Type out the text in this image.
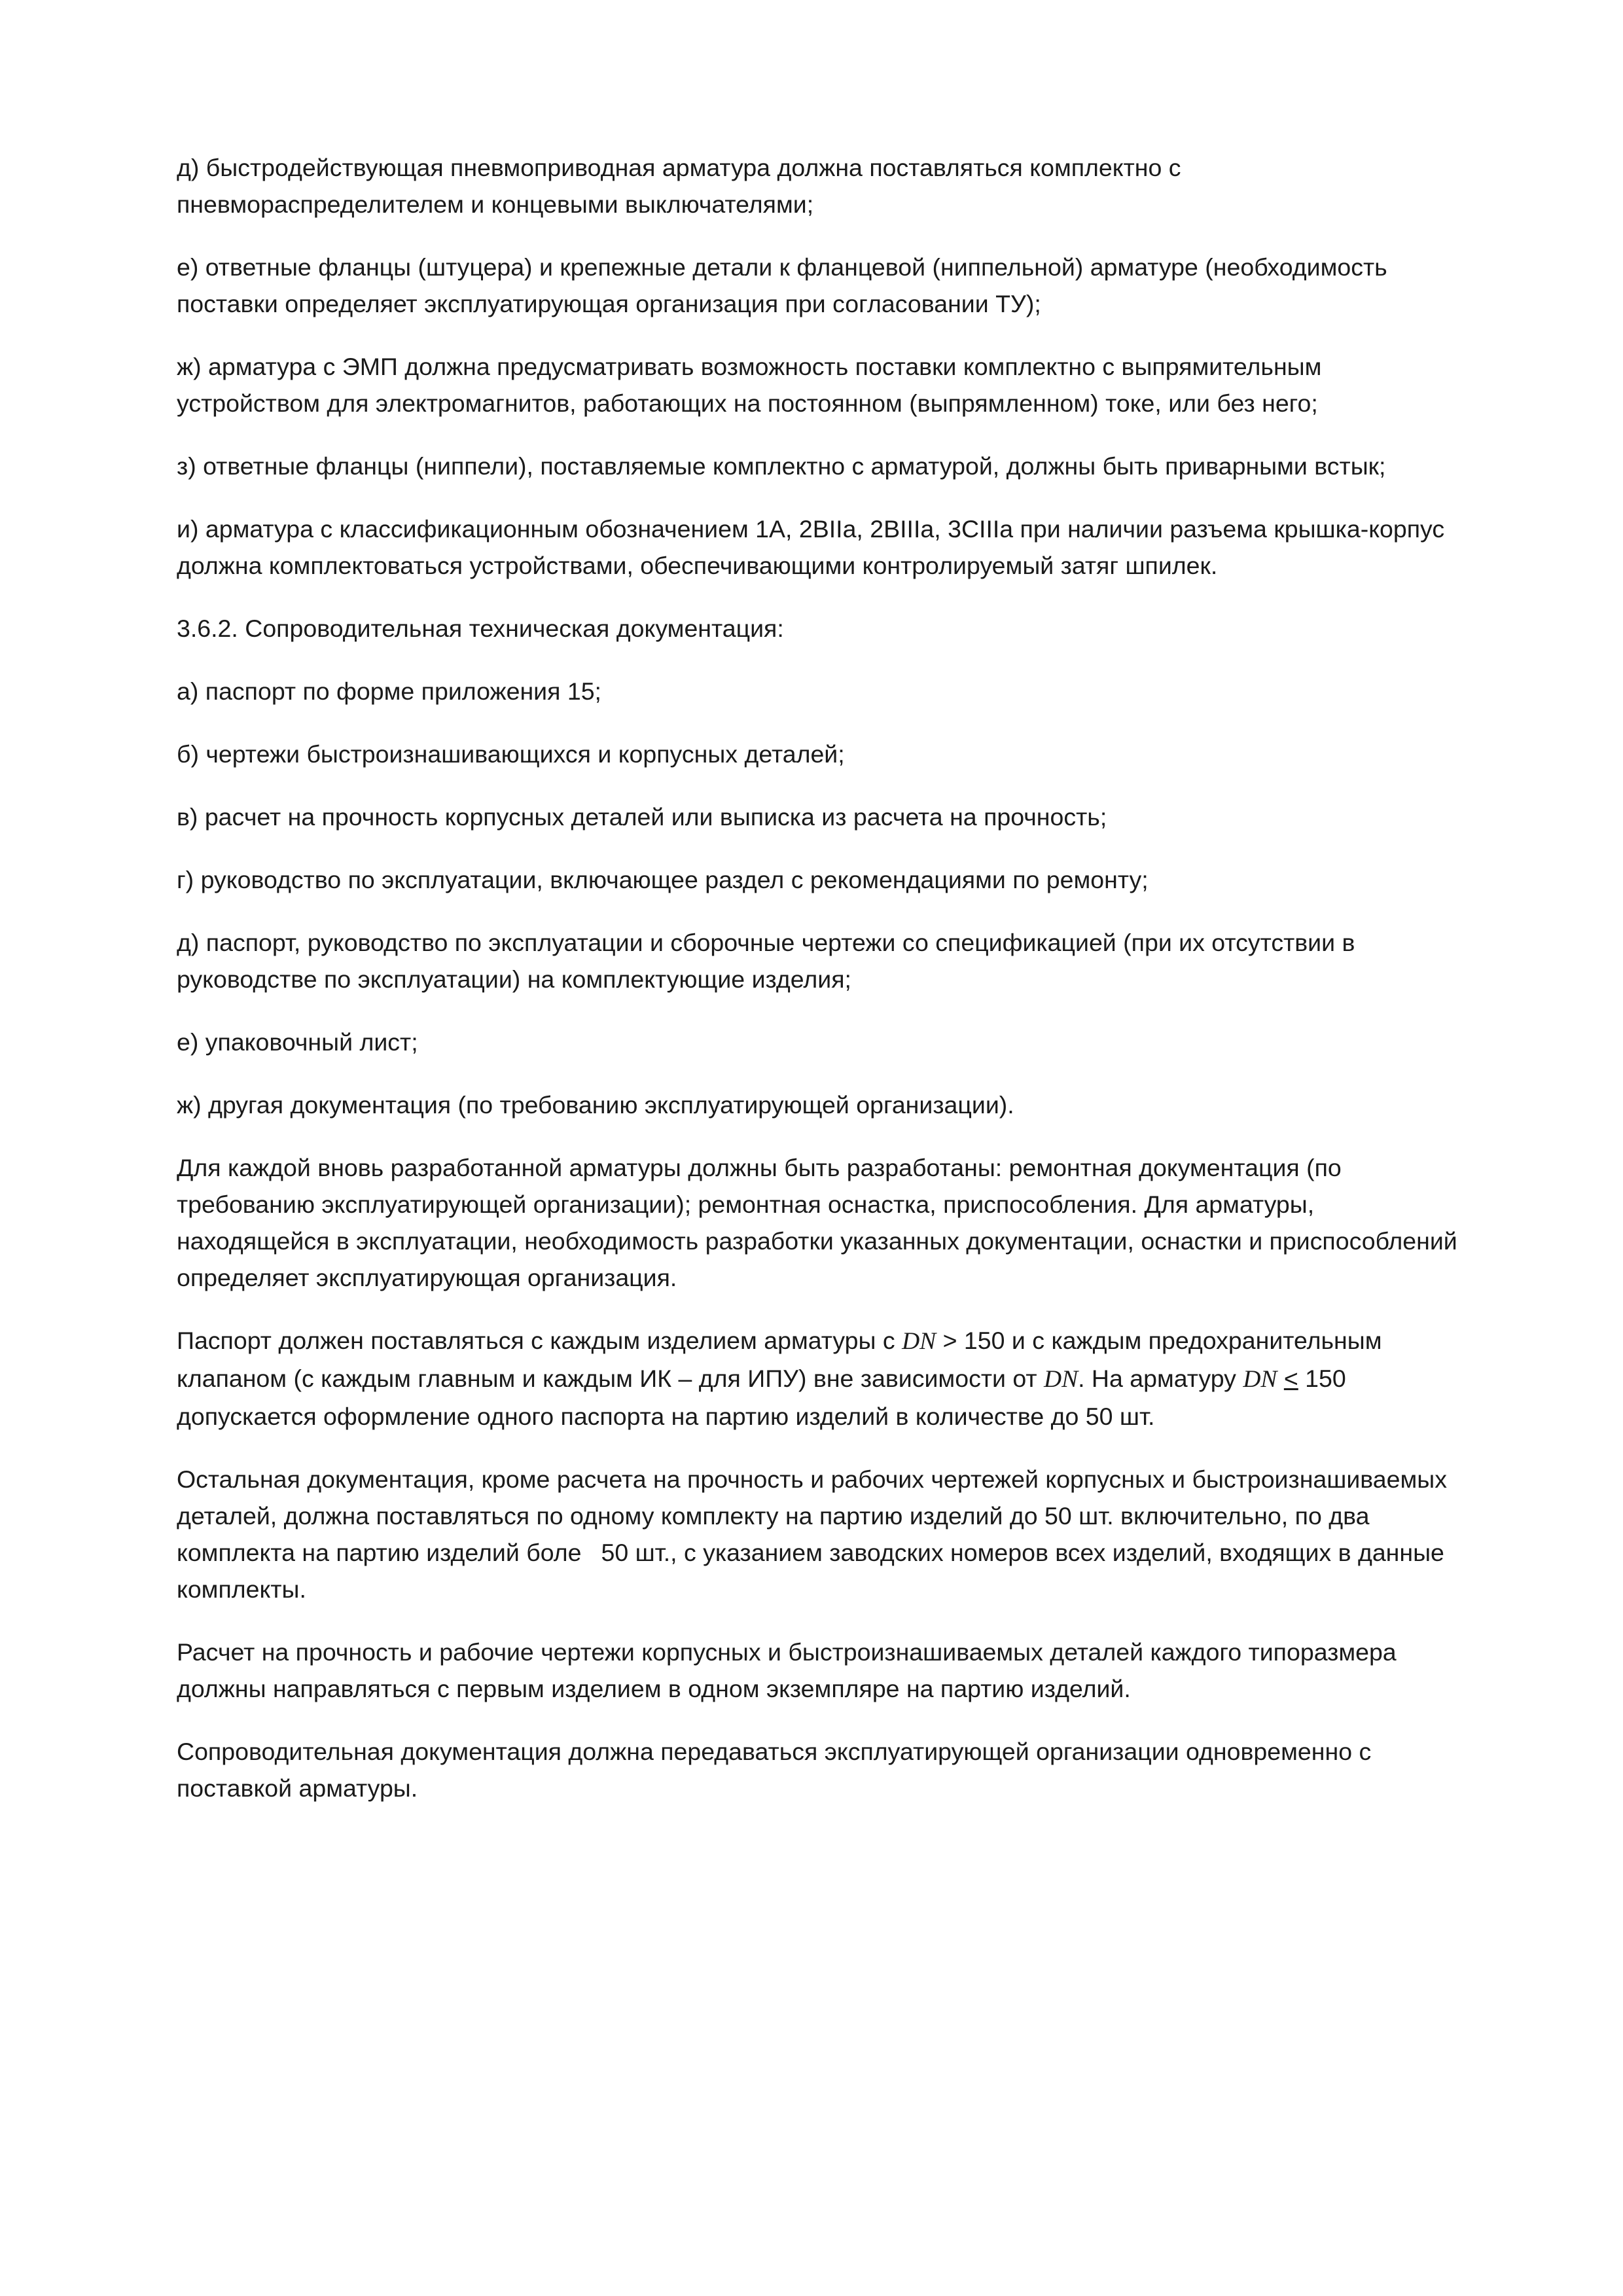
д) быстродействующая пневмоприводная арматура должна поставляться комплектно с пневмораспределителем и концевыми выключателями;

е) ответные фланцы (штуцера) и крепежные детали к фланцевой (ниппельной) арматуре (необходимость поставки определяет эксплуатирующая организация при согласовании ТУ);

ж) арматура с ЭМП должна предусматривать возможность поставки комплектно с выпрямительным устройством для электромагнитов, работающих на постоянном (выпрямленном) токе, или без него;

з) ответные фланцы (ниппели), поставляемые комплектно с арматурой, должны быть приварными встык;

и) арматура с классификационным обозначением 1А, 2ВIIа, 2ВIIIа, 3СIIIа при наличии разъема крышка-корпус должна комплектоваться устройствами, обеспечивающими контролируемый затяг шпилек.

3.6.2. Сопроводительная техническая документация:

а) паспорт по форме приложения 15;

б) чертежи быстроизнашивающихся и корпусных деталей;

в) расчет на прочность корпусных деталей или выписка из расчета на прочность;

г) руководство по эксплуатации, включающее раздел с рекомендациями по ремонту;

д) паспорт, руководство по эксплуатации и сборочные чертежи со спецификацией (при их отсутствии в руководстве по эксплуатации) на комплектующие изделия;

е) упаковочный лист;

ж) другая документация (по требованию эксплуатирующей организации).

Для каждой вновь разработанной арматуры должны быть разработаны: ремонтная документация (по требованию эксплуатирующей организации); ремонтная оснастка, приспособления. Для арматуры, находящейся в эксплуатации, необходимость разработки указанных документации, оснастки и приспособлений определяет эксплуатирующая организация.

Паспорт должен поставляться с каждым изделием арматуры с DN > 150 и с каждым предохранительным клапаном (с каждым главным и каждым ИК – для ИПУ) вне зависимости от DN. На арматуру DN ≤ 150 допускается оформление одного паспорта на партию изделий в количестве до 50 шт.

Остальная документация, кроме расчета на прочность и рабочих чертежей корпусных и быстроизнашиваемых деталей, должна поставляться по одному комплекту на партию изделий до 50 шт. включительно, по два комплекта на партию изделий боле 50 шт., с указанием заводских номеров всех изделий, входящих в данные комплекты.

Расчет на прочность и рабочие чертежи корпусных и быстроизнашиваемых деталей каждого типоразмера должны направляться с первым изделием в одном экземпляре на партию изделий.

Сопроводительная документация должна передаваться эксплуатирующей организации одновременно с поставкой арматуры.
